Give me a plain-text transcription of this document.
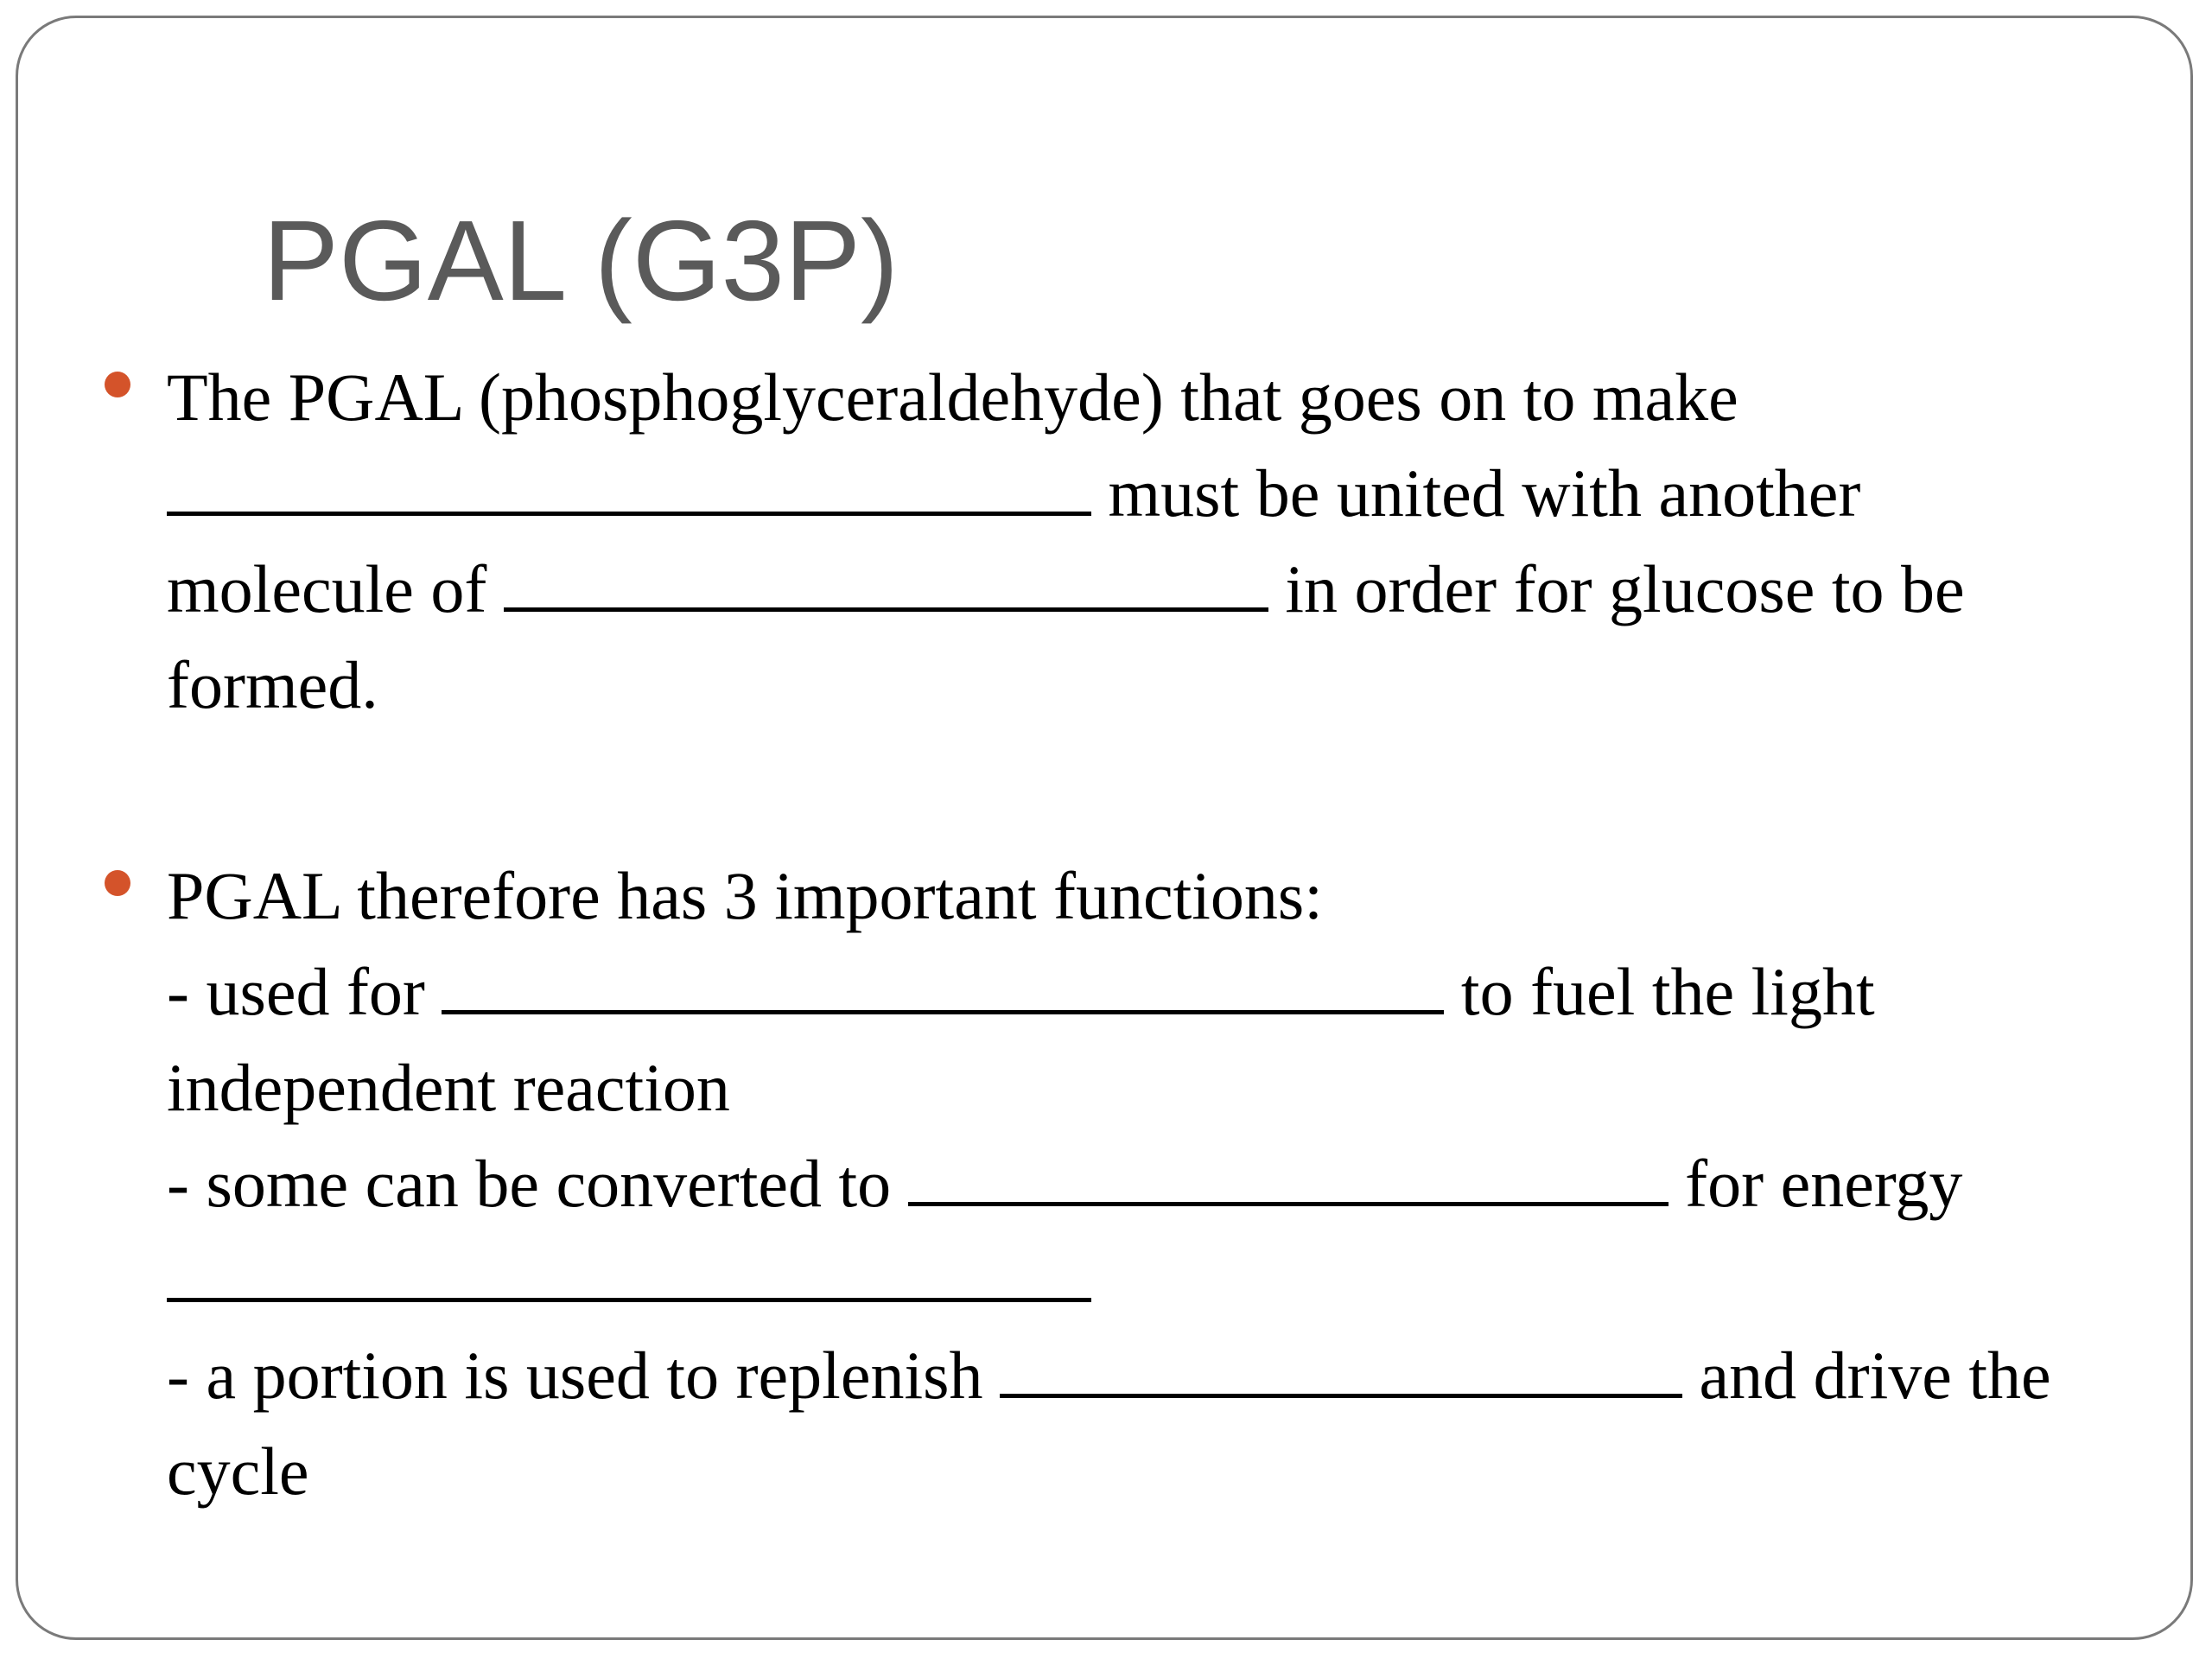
PGAL (G3P)
The PGAL (phosphoglyceraldehyde) that goes on to make
must be united with another
molecule of	in order for glucose to be
formed.
PGAL therefore has 3 important functions:
- used for	to fuel the light
independent reaction
- some can be converted to	for energy
- a portion is used to replenish	and drive the
cycle
